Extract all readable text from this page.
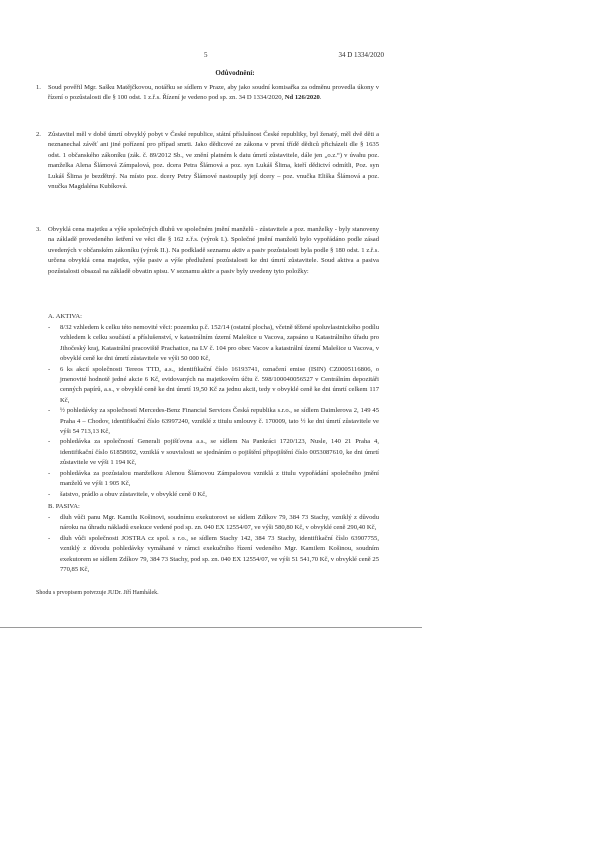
5	34 D 1334/2020
Odůvodnění:
1.	Soud pověřil Mgr. Sašku Matějčkovou, notářku se sídlem v Praze, aby jako soudní komisařka za odměnu provedla úkony v řízení o pozůstalosti dle § 100 odst. 1 z.ř.s. Řízení je vedeno pod sp. zn. 34 D 1334/2020, Nd 126/2020.
2.	Zůstavitel měl v době úmrtí obvyklý pobyt v České republice, státní příslušnost České republiky, byl ženatý, měl dvě děti a neznanechal závěť ani jiné pořízení pro případ smrti. Jako dědicové ze zákona v první třídě dědiců přicházeli dle § 1635 odst. 1 občanského zákoníku (zák. č. 89/2012 Sb., ve znění platném k datu úmrtí zůstavitele, dále jen „o.z.“) v úvahu poz. manželka Alena Šlámová Zámpalová, poz. dcera Petra Šlámová a poz. syn Lukáš Šlima, kteří dědictví odmítli, Poz. syn Lukáš Šlima je bezdětný. Na místo poz. dcery Petry Šlámové nastoupily její dcery – poz. vnučka Eliška Šlámová a poz. vnučka Magdaléna Kubíková.
3.	Obvyklá cena majetku a výše společných dluhů ve společném jmění manželů - zůstavitele a poz. manželky - byly stanoveny na základě provedeného šetření ve věci dle § 162 z.ř.s. (výrok I.). Společné jmění manželů bylo vypořádáno podle zásad uvedených v občanském zákoníku (výrok II.). Na podkladě seznamu aktiv a pasiv pozůstalosti byla podle § 180 odst. 1 z.ř.s. určena obvyklá cena majetku, výše pasiv a výše předlužení pozůstalosti ke dni úmrtí zůstavitele. Soud aktiva a pasiva pozůstalosti obsazal na základě obvatin spisu. V seznamu aktiv a pasiv byly uvedeny tyto položky:
A. AKTIVA:
- 8/32 vzhledem k celku této nemovité věci: pozemku p.č. 152/14 (ostatní plocha), včetně těžené spoluvlastnického podílu vzhledem k celku součástí a příslušenství, v katastrálním území Malešice u Vacova, zapsáno u Katastrálního úřadu pro Jihočeský kraj, Katastrální pracoviště Prachatice, na LV č. 104 pro obec Vacov a katastrální území Malešice u Vacova, v obvyklé ceně ke dni úmrtí zůstavitele ve výši 50 000 Kč,
- 6 ks akcií společnosti Tereos TTD, a.s., identifikační číslo 16193741, označení emise (ISIN) CZ0005116806, o jmenovité hodnotě jedné akcie 6 Kč, evidovaných na majetkovém účtu č. 598/100040056527 v Centrálním depozitáři cenných papírů, a.s., v obvyklé ceně ke dni úmrtí 19,50 Kč za jednu akcii, tedy v obvyklé ceně ke dni úmrtí celkem 117 Kč,
- ½ pohledávky za společností Mercedes-Benz Financial Services Česká republika s.r.o., se sídlem Daimlerova 2, 149 45 Praha 4 – Chodov, identifikační číslo 63997240, vzniklé z titulu smlouvy č. 170009, tato ½ ke dni úmrtí zůstavitele ve výši 54 713,13 Kč,
- pohledávka za společností Generali pojišťovna a.s., se sídlem Na Pankráci 1720/123, Nusle, 140 21 Praha 4, identifikační číslo 61858692, vzniklá v souvislosti se sjednáním o pojištění připojištění číslo 0053087610, ke dni úmrtí zůstavitele ve výši 1 194 Kč,
- pohledávka za pozůstalou manželkou Alenou Šlámovou Zámpalovou vzniklá z titulu vypořádání společného jmění manželů ve výši 1 905 Kč,
- šatstvo, prádlo a obuv zůstavitele, v obvyklé ceně 0 Kč,
B. PASIVA:
- dluh vůči panu Mgr. Kamilu Košinovi, soudnímu exekutorovi se sídlem Zdíkov 79, 384 73 Stachy, vzniklý z důvodu nároku na úhradu nákladů exekuce vedené pod sp. zn. 040 EX 12554/07, ve výši 580,80 Kč, v obvyklé ceně 290,40 Kč,
- dluh vůči společnosti JOSTRA cz spol. s r.o., se sídlem Stachy 142, 384 73 Stachy, identifikační číslo 63907755, vzniklý z důvodu pohledávky vymáhané v rámci exekučního řízení vedeného Mgr. Kamilem Košinou, soudním exekutorem se sídlem Zdíkov 79, 384 73 Stachy, pod sp. zn. 040 EX 12554/07, ve výši 51 541,70 Kč, v obvyklé ceně 25 770,85 Kč,
Shodu s prvopisem potvrzuje JUDr. Jiří Hamhálek.
